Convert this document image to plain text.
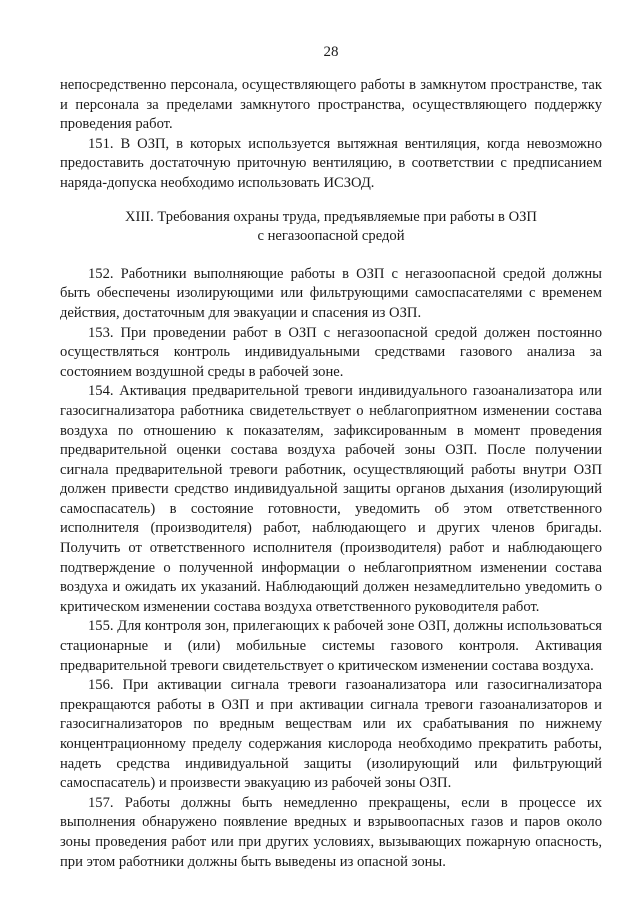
28

непосредственно персонала, осуществляющего работы в замкнутом пространстве, так и персонала за пределами замкнутого пространства, осуществляющего поддержку проведения работ.

151. В ОЗП, в которых используется вытяжная вентиляция, когда невозможно предоставить достаточную приточную вентиляцию, в соответствии с предписанием наряда-допуска необходимо использовать ИСЗОД.

XIII. Требования охраны труда, предъявляемые при работы в ОЗП с негазоопасной средой

152. Работники выполняющие работы в ОЗП с негазоопасной средой должны быть обеспечены изолирующими или фильтрующими самоспасателями с временем действия, достаточным для эвакуации и спасения из ОЗП.

153. При проведении работ в ОЗП с негазоопасной средой должен постоянно осуществляться контроль индивидуальными средствами газового анализа за состоянием воздушной среды в рабочей зоне.

154. Активация предварительной тревоги индивидуального газоанализатора или газосигнализатора работника свидетельствует о неблагоприятном изменении состава воздуха по отношению к показателям, зафиксированным в момент проведения предварительной оценки состава воздуха рабочей зоны ОЗП. После получении сигнала предварительной тревоги работник, осуществляющий работы внутри ОЗП должен привести средство индивидуальной защиты органов дыхания (изолирующий самоспасатель) в состояние готовности, уведомить об этом ответственного исполнителя (производителя) работ, наблюдающего и других членов бригады. Получить от ответственного исполнителя (производителя) работ и наблюдающего подтверждение о полученной информации о неблагоприятном изменении состава воздуха и ожидать их указаний. Наблюдающий должен незамедлительно уведомить о критическом изменении состава воздуха ответственного руководителя работ.

155. Для контроля зон, прилегающих к рабочей зоне ОЗП, должны использоваться стационарные и (или) мобильные системы газового контроля. Активация предварительной тревоги свидетельствует о критическом изменении состава воздуха.

156. При активации сигнала тревоги газоанализатора или газосигнализатора прекращаются работы в ОЗП и при активации сигнала тревоги газоанализаторов и газосигнализаторов по вредным веществам или их срабатывания по нижнему концентрационному пределу содержания кислорода необходимо прекратить работы, надеть средства индивидуальной защиты (изолирующий или фильтрующий самоспасатель) и произвести эвакуацию из рабочей зоны ОЗП.

157. Работы должны быть немедленно прекращены, если в процессе их выполнения обнаружено появление вредных и взрывоопасных газов и паров около зоны проведения работ или при других условиях, вызывающих пожарную опасность, при этом работники должны быть выведены из опасной зоны.
